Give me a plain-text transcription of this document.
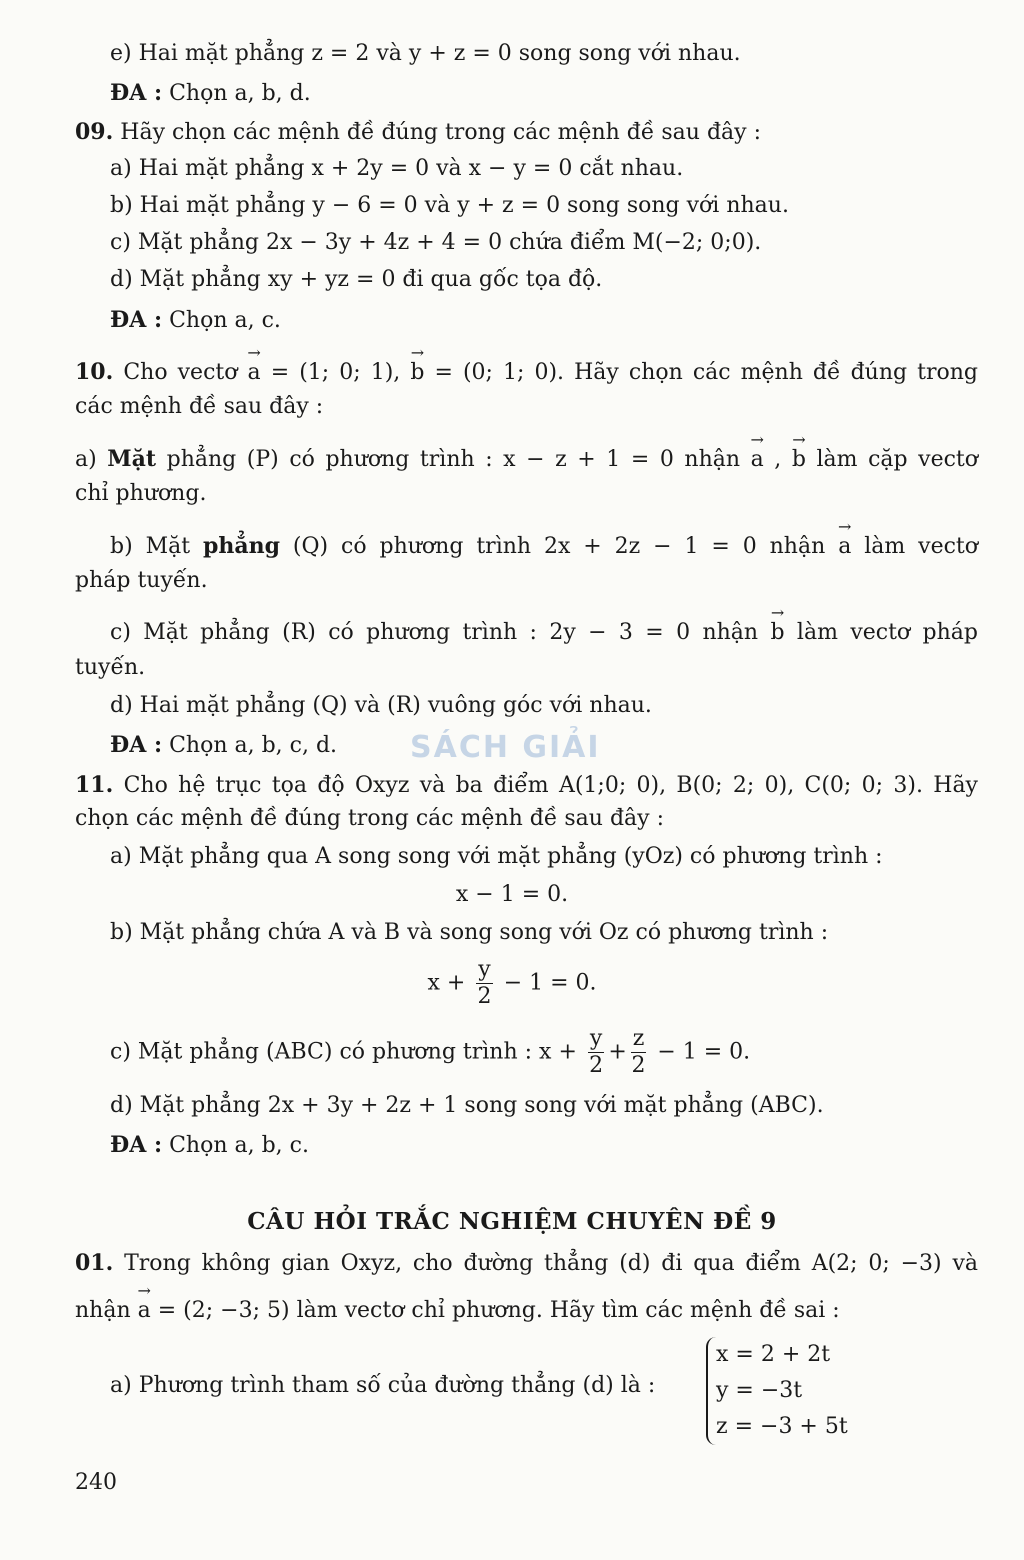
e) Hai mặt phẳng z = 2 và y + z = 0 song song với nhau.
ĐA : Chọn a, b, d.
09. Hãy chọn các mệnh đề đúng trong các mệnh đề sau đây :
a) Hai mặt phẳng x + 2y = 0 và x − y = 0 cắt nhau.
b) Hai mặt phẳng y − 6 = 0 và y + z = 0 song song với nhau.
c) Mặt phẳng 2x − 3y + 4z + 4 = 0 chứa điểm M(−2; 0;0).
d) Mặt phẳng xy + yz = 0 đi qua gốc tọa độ.
ĐA : Chọn a, c.
10. Cho vectơ → a = (1; 0; 1), → b = (0; 1; 0). Hãy chọn các mệnh đề đúng trong
các mệnh đề sau đây :
a) Mặt phẳng (P) có phương trình : x − z + 1 = 0 nhận → a , → b làm cặp vectơ
chỉ phương.
b) Mặt phẳng (Q) có phương trình 2x + 2z − 1 = 0 nhận → a làm vectơ
pháp tuyến.
c) Mặt phẳng (R) có phương trình : 2y − 3 = 0 nhận → b làm vectơ pháp
tuyến.
d) Hai mặt phẳng (Q) và (R) vuông góc với nhau.
ĐA : Chọn a, b, c, d. SÁCH GIẢI
11. Cho hệ trục tọa độ Oxyz và ba điểm A(1;0; 0), B(0; 2; 0), C(0; 0; 3). Hãy
chọn các mệnh đề đúng trong các mệnh đề sau đây :
a) Mặt phẳng qua A song song với mặt phẳng (yOz) có phương trình :
x − 1 = 0.
b) Mặt phẳng chứa A và B và song song với Oz có phương trình :
$x + \frac{y}{2} - 1 = 0$.
c) Mặt phẳng (ABC) có phương trình : $x + \frac{y}{2} + \frac{z}{2} - 1 = 0$.
d) Mặt phẳng 2x + 3y + 2z + 1 song song với mặt phẳng (ABC).
ĐA : Chọn a, b, c.
CÂU HỎI TRẮC NGHIỆM CHUYÊN ĐỀ 9
01. Trong không gian Oxyz, cho đường thẳng (d) đi qua điểm A(2; 0; −3) và
nhận → a = (2; −3; 5) làm vectơ chỉ phương. Hãy tìm các mệnh đề sai :
a) Phương trình tham số của đường thẳng (d) là :
x = 2 + 2t
y = −3t
z = −3 + 5t
240
